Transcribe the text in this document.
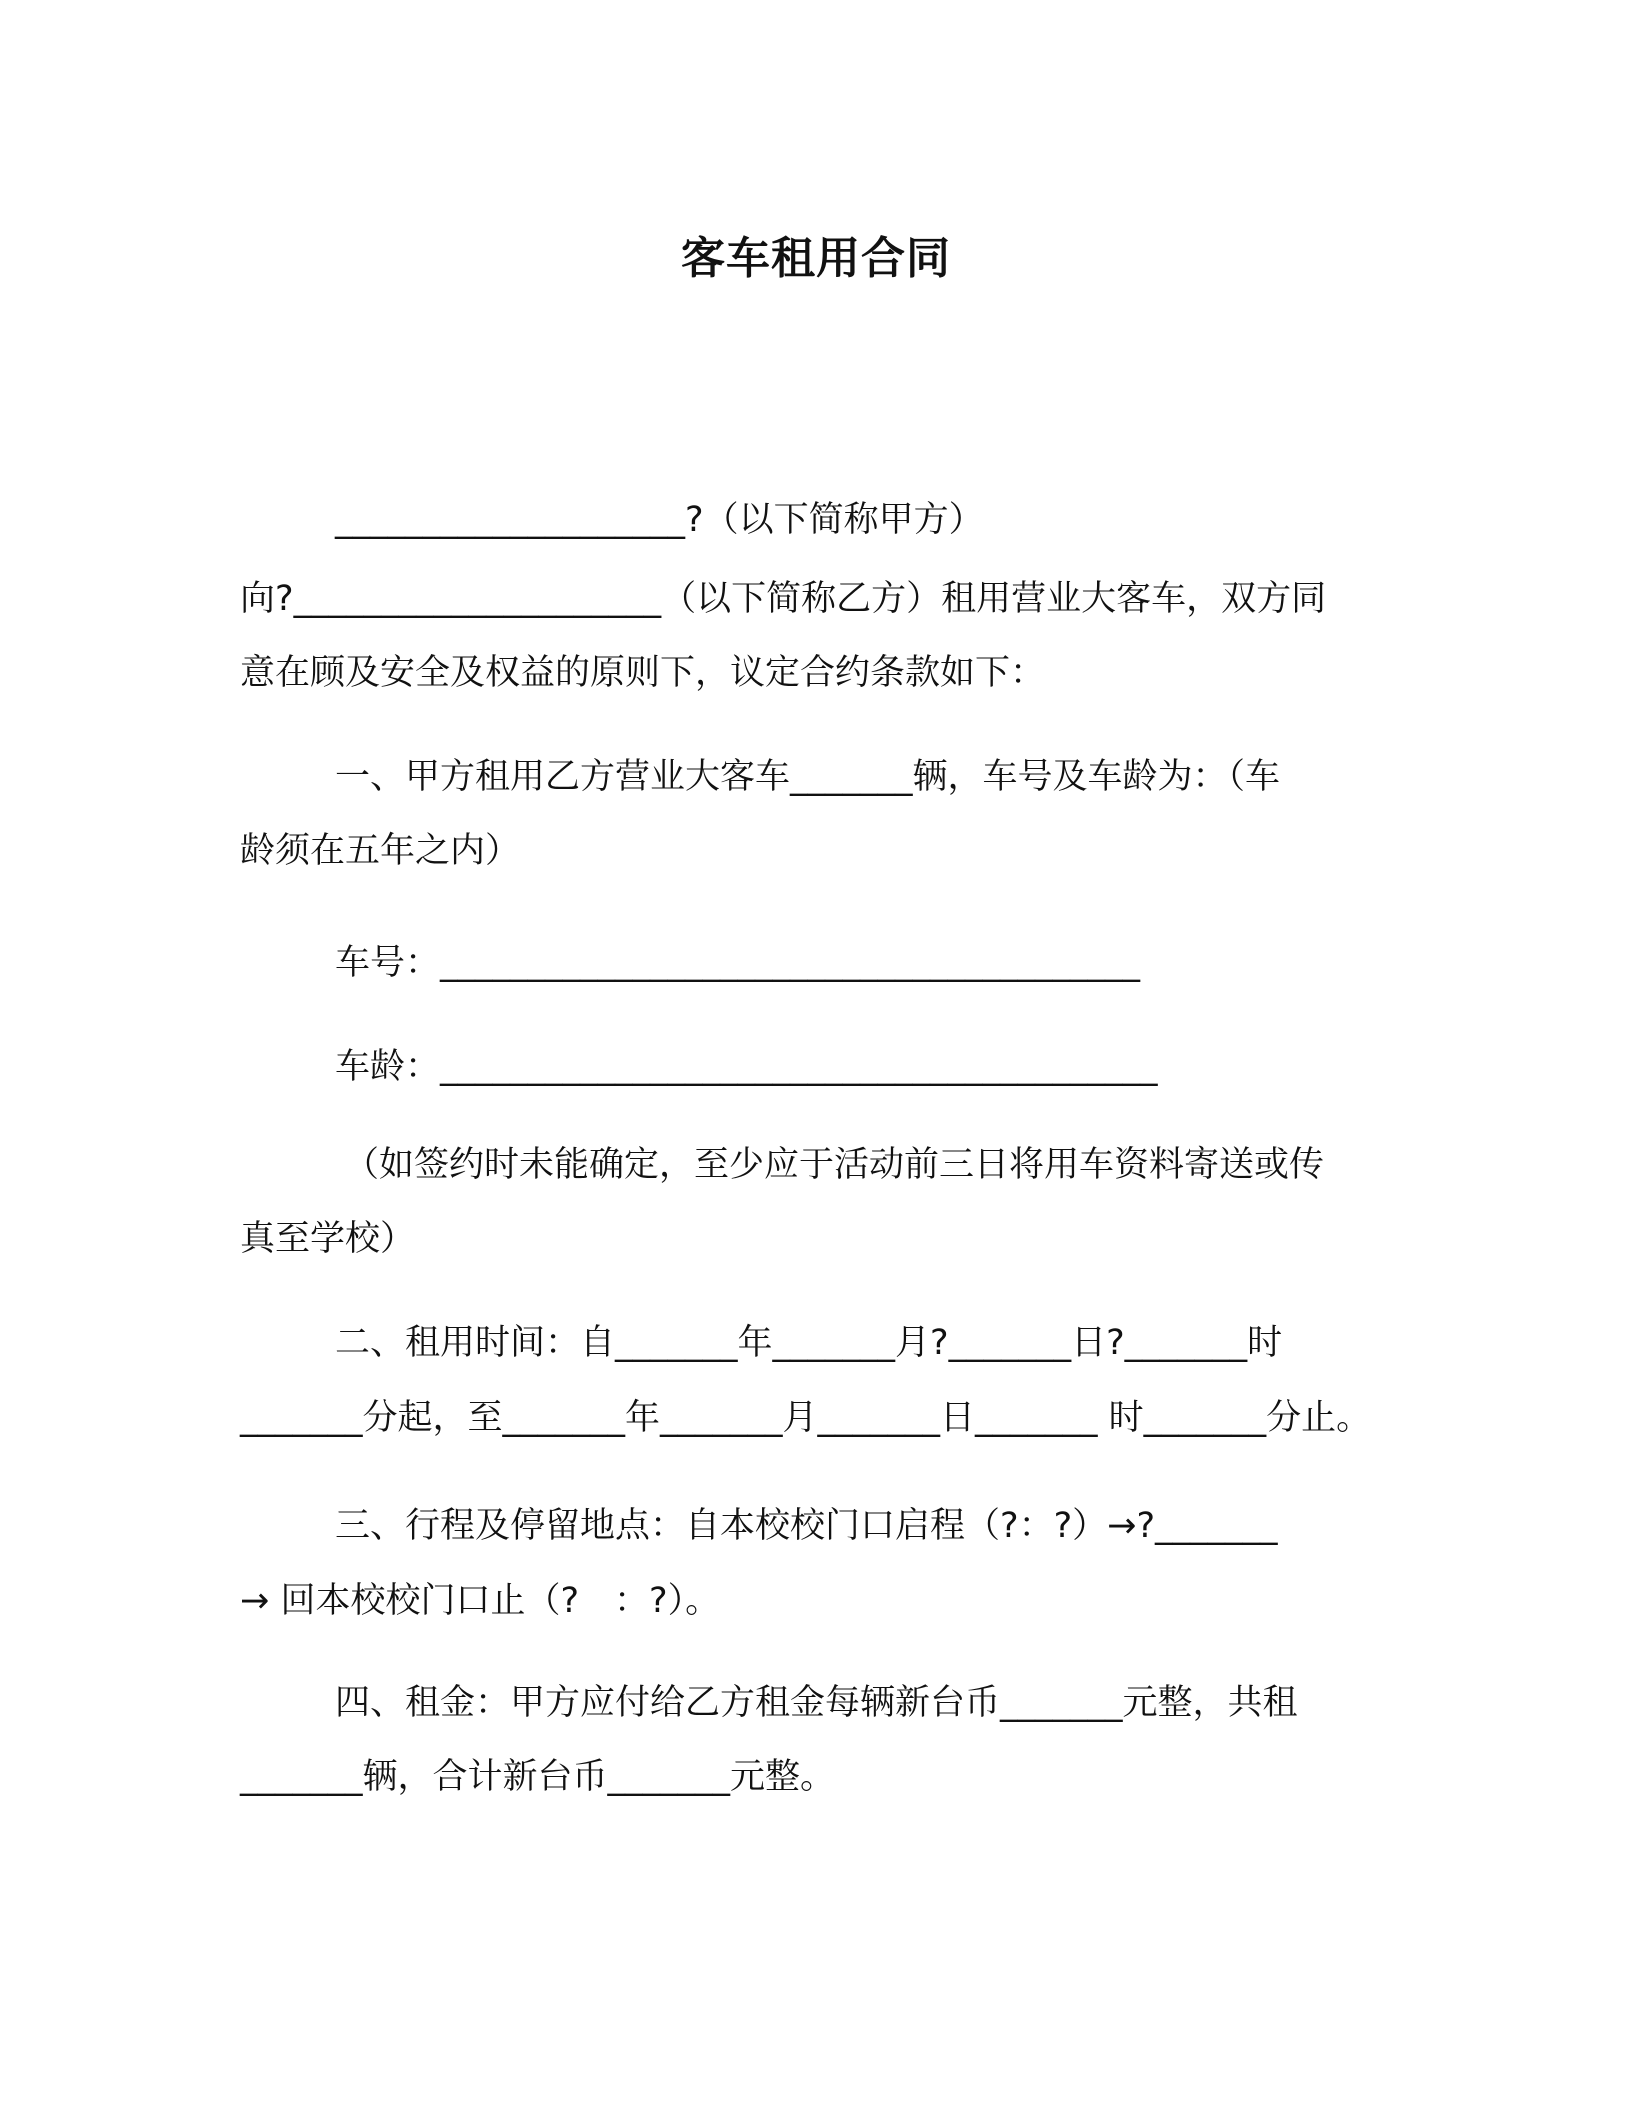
客车租用合同
____________________?（以下简称甲方）
向?_____________________（以下简称乙方）租用营业大客车，双方同
意在顾及安全及权益的原则下，议定合约条款如下：
一、甲方租用乙方营业大客车_______辆，车号及车龄为：（车
龄须在五年之内）
车号：________________________________________
车龄：_________________________________________
（如签约时未能确定，至少应于活动前三日将用车资料寄送或传
真至学校）
二、租用时间：自_______年_______月?_______日?_______时
_______分起，至_______年_______月_______日_______ 时_______分止。
三、行程及停留地点：自本校校门口启程（?：?）→?_______
→ 回本校校门口止（?　：?）。
四、租金：甲方应付给乙方租金每辆新台币_______元整，共租
_______辆，合计新台币_______元整。
